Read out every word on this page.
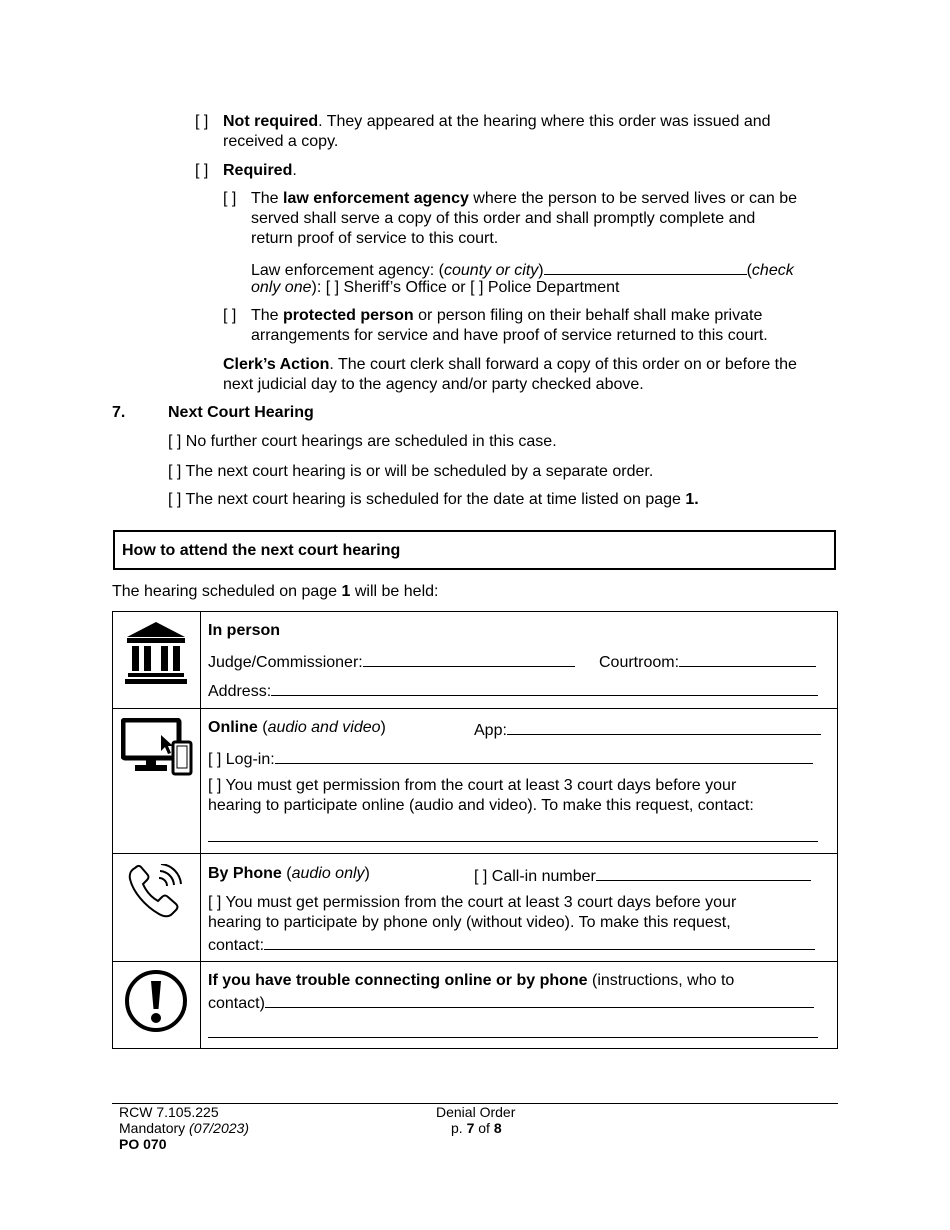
[ ] Not required. They appeared at the hearing where this order was issued and
received a copy.
[ ] Required.
[ ] The law enforcement agency where the person to be served lives or can be
served shall serve a copy of this order and shall promptly complete and
return proof of service to this court.
Law enforcement agency: (county or city)	(check
only one): [ ] Sheriff’s Office or [ ] Police Department
[ ] The protected person or person filing on their behalf shall make private
arrangements for service and have proof of service returned to this court.
Clerk’s Action. The court clerk shall forward a copy of this order on or before the
next judicial day to the agency and/or party checked above.
7.	Next Court Hearing
[ ] No further court hearings are scheduled in this case.
[ ] The next court hearing is or will be scheduled by a separate order.
[ ] The next court hearing is scheduled for the date at time listed on page 1.
How to attend the next court hearing
The hearing scheduled on page 1 will be held:
In person
Judge/Commissioner:	Courtroom:
Address:
Online (audio and video)	App:
[ ] Log-in:
[ ] You must get permission from the court at least 3 court days before your
hearing to participate online (audio and video). To make this request, contact:
By Phone (audio only)	[ ] Call-in number
[ ] You must get permission from the court at least 3 court days before your
hearing to participate by phone only (without video). To make this request,
contact:
If you have trouble connecting online or by phone (instructions, who to
contact)
RCW 7.105.225
Mandatory (07/2023)
PO 070
Denial Order
p. 7 of 8
